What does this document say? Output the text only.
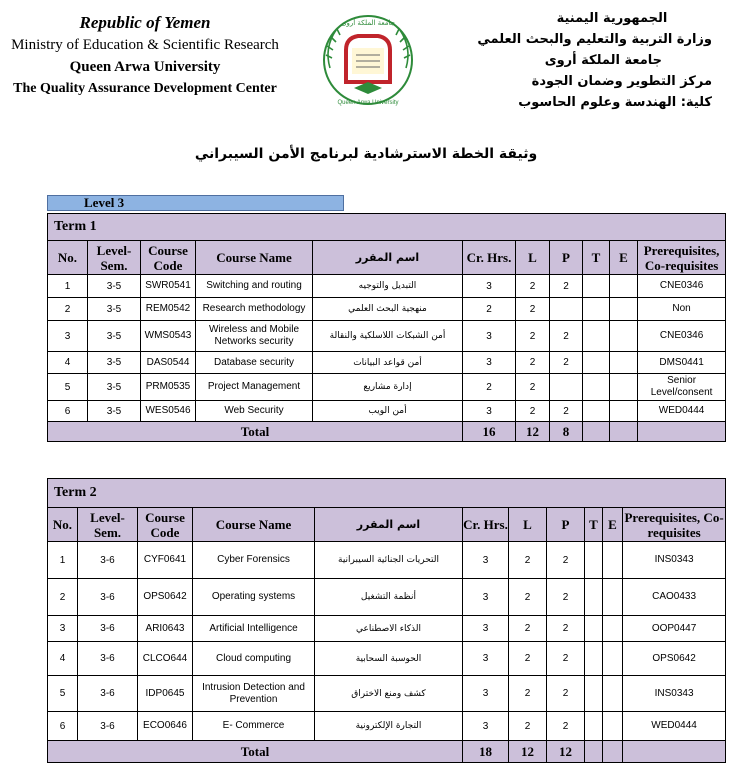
Republic of Yemen
Ministry of Education & Scientific Research
Queen Arwa University
The Quality Assurance Development Center
جامعة الملكة أروى
Queen Arwa University
الجمهورية اليمنية
وزارة التربية والتعليم والبحث العلمي
جامعة الملكة أروى
مركز التطوير وضمان الجودة
كلية: الهندسة وعلوم الحاسوب
وثيقة الخطة الاسترشادية لبرنامج الأمن السيبراني
Level 3
Term 1										
No.	Level-Sem.	Course Code	Course Name	اسم المقرر	Cr. Hrs.	L	P	T	E	Prerequisites, Co-requisites
1	3-5	SWR0541	Switching and routing	التبديل والتوجيه	3	2	2			CNE0346
2	3-5	REM0542	Research methodology	منهجية البحث العلمي	2	2				Non
3	3-5	WMS0543	Wireless and Mobile Networks security	أمن الشبكات اللاسلكية والنقالة	3	2	2			CNE0346
4	3-5	DAS0544	Database security	أمن قواعد البيانات	3	2	2			DMS0441
5	3-5	PRM0535	Project Management	إدارة مشاريع	2	2				Senior Level/consent
6	3-5	WES0546	Web Security	أمن الويب	3	2	2			WED0444
Total					16	12	8			
Term 2										
No.	Level-Sem.	Course Code	Course Name	اسم المقرر	Cr. Hrs.	L	P	T	E	Prerequisites, Co-requisites
1	3-6	CYF0641	Cyber Forensics	التحريات الجنائية السيبرانية	3	2	2			INS0343
2	3-6	OPS0642	Operating systems	أنظمة التشغيل	3	2	2			CAO0433
3	3-6	ARI0643	Artificial Intelligence	الذكاء الاصطناعي	3	2	2			OOP0447
4	3-6	CLCO644	Cloud computing	الحوسبة السحابية	3	2	2			OPS0642
5	3-6	IDP0645	Intrusion Detection and Prevention	كشف ومنع الاختراق	3	2	2			INS0343
6	3-6	ECO0646	E- Commerce	التجارة الإلكترونية	3	2	2			WED0444
Total					18	12	12			
